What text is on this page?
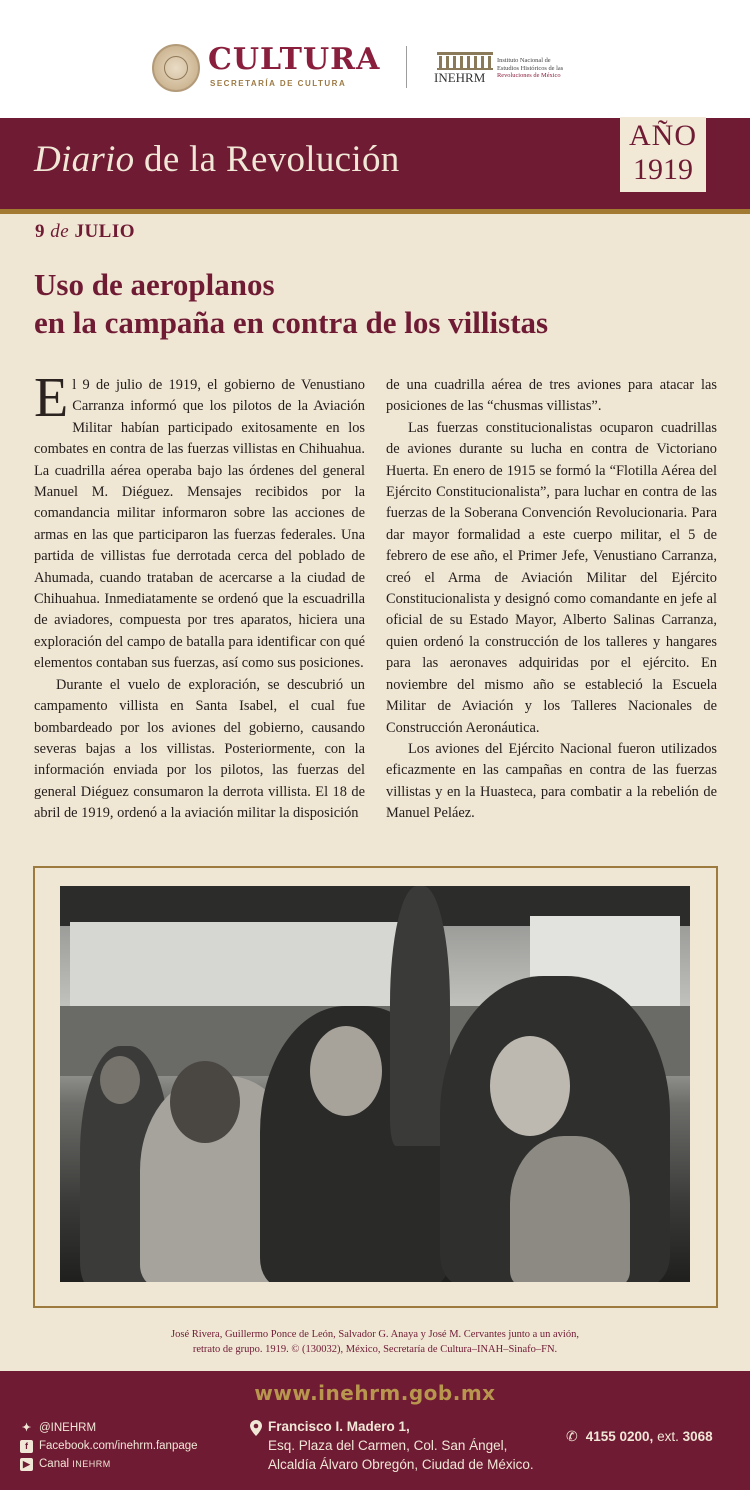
CULTURA
SECRETARÍA DE CULTURA	INEHRM
Instituto Nacional de
Estudios Históricos de las
Revoluciones de México
Diario de la Revolución
AÑO
1919
9 de JULIO
Uso de aeroplanos
en la campaña en contra de los villistas

El 9 de julio de 1919, el gobierno de Venustiano Carranza informó que los pilotos de la Aviación Militar habían participado exitosamente en los combates en contra de las fuerzas villistas en Chihuahua. La cuadrilla aérea operaba bajo las órdenes del general Manuel M. Diéguez. Mensajes recibidos por la comandancia militar informaron sobre las acciones de armas en las que participaron las fuerzas federales. Una partida de villistas fue derrotada cerca del poblado de Ahumada, cuando trataban de acercarse a la ciudad de Chihuahua. Inmediatamente se ordenó que la escuadrilla de aviadores, compuesta por tres aparatos, hiciera una exploración del campo de batalla para identificar con qué elementos contaban sus fuerzas, así como sus posiciones.

Durante el vuelo de exploración, se descubrió un campamento villista en Santa Isabel, el cual fue bombardeado por los aviones del gobierno, causando severas bajas a los villistas. Posteriormente, con la información enviada por los pilotos, las fuerzas del general Diéguez consumaron la derrota villista. El 18 de abril de 1919, ordenó a la aviación militar la disposición

de una cuadrilla aérea de tres aviones para atacar las posiciones de las “chusmas villistas”.

Las fuerzas constitucionalistas ocuparon cuadrillas de aviones durante su lucha en contra de Victoriano Huerta. En enero de 1915 se formó la “Flotilla Aérea del Ejército Constitucionalista”, para luchar en contra de las fuerzas de la Soberana Convención Revolucionaria. Para dar mayor formalidad a este cuerpo militar, el 5 de febrero de ese año, el Primer Jefe, Venustiano Carranza, creó el Arma de Aviación Militar del Ejército Constitucionalista y designó como comandante en jefe al oficial de su Estado Mayor, Alberto Salinas Carranza, quien ordenó la construcción de los talleres y hangares para las aeronaves adquiridas por el ejército. En noviembre del mismo año se estableció la Escuela Militar de Aviación y los Talleres Nacionales de Construcción Aeronáutica.

Los aviones del Ejército Nacional fueron utilizados eficazmente en las campañas en contra de las fuerzas villistas y en la Huasteca, para combatir a la rebelión de Manuel Peláez.

José Rivera, Guillermo Ponce de León, Salvador G. Anaya y José M. Cervantes junto a un avión,
retrato de grupo. 1919. © (130032), México, Secretaría de Cultura–INAH–Sinafo–FN.
www.inehrm.gob.mx
✦ @INEHRM
f Facebook.com/inehrm.fanpage
▶ Canal
INEHRM
Francisco I. Madero 1,
Esq. Plaza del Carmen, Col. San Ángel,
Alcaldía Álvaro Obregón, Ciudad de México.
✆ 4155 0200, ext. 3068
